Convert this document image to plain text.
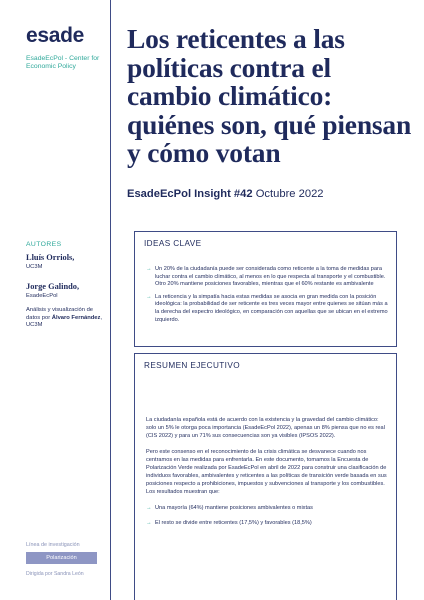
esade
EsadeEcPol - Center for Economic Policy
AUTORES
Lluís Orriols,
UC3M
Jorge Galindo,
EsadeEcPol
Análisis y visualización de datos por Álvaro Fernández, UC3M
Línea de investigación
Polarización
Dirigida por Sandra León
Los reticentes a las políticas contra el cambio climático: quiénes son, qué piensan y cómo votan
EsadeEcPol Insight #42 Octubre 2022
IDEAS CLAVE
→ Un 20% de la ciudadanía puede ser considerada como reticente a la toma de medidas para luchar contra el cambio climático, al menos en lo que respecta al transporte y el combustible. Otro 20% mantiene posiciones favorables, mientras que el 60% restante es ambivalente
→ La reticencia y la simpatía hacia estas medidas se asocia en gran medida con la posición ideológica: la probabilidad de ser reticente es tres veces mayor entre quienes se sitúan más a la derecha del espectro ideológico, en comparación con aquellas que se ubican en el extremo izquierdo.
RESUMEN EJECUTIVO

La ciudadanía española está de acuerdo con la existencia y la gravedad del cambio climático: solo un 5% le otorga poca importancia (EsadeEcPol 2022), apenas un 8% piensa que no es real (CIS 2022) y para un 71% sus consecuencias son ya visibles (IPSOS 2022).

Pero este consenso en el reconocimiento de la crisis climática se desvanece cuando nos centramos en las medidas para enfrentarla. En este documento, tomamos la Encuesta de Polarización Verde realizada por EsadeEcPol en abril de 2022 para construir una clasificación de individuos favorables, ambivalentes y reticentes a las políticas de transición verde basada en sus posiciones respecto a prohibiciones, impuestos y subvenciones al transporte y los combustibles. Los resultados muestran que:

→ Una mayoría (64%) mantiene posiciones ambivalentes o mixtas
→ El resto se divide entre reticentes (17,5%) y favorables (18,5%)
